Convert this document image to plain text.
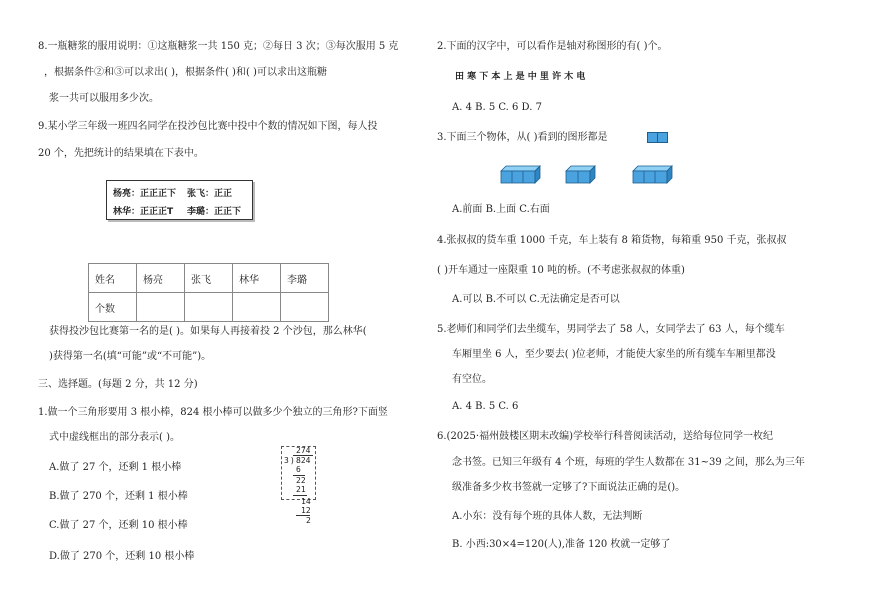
8.一瓶糖浆的服用说明：①这瓶糖浆一共 150 克；②每日 3 次；③每次服用 5 克
，根据条件②和③可以求出( )，根据条件( )和( )可以求出这瓶糖
浆一共可以服用多少次。
9.某小学三年级一班四名同学在投沙包比赛中投中个数的情况如下图，每人投
20 个，先把统计的结果填在下表中。
杨亮：正正正下 张飞：正正
林华：正正正T 李璐：正正下
姓名	杨亮	张飞	林华	李璐
个数				
获得投沙包比赛第一名的是( )。如果每人再接着投 2 个沙包，那么林华(
)获得第一名(填“可能”或“不可能”)。
三、选择题。(每题 2 分，共 12 分)
1.做一个三角形要用 3 根小棒，824 根小棒可以做多少个独立的三角形?下面竖
式中虚线框出的部分表示( )。
A.做了 27 个，还剩 1 根小棒
B.做了 270 个，还剩 1 根小棒
C.做了 27 个，还剩 10 根小棒
D.做了 270 个，还剩 10 根小棒
274
3 ) 824
6
22
21
14
12
2
2.下面的汉字中，可以看作是轴对称图形的有( )个。
田 寒 下 本 上 是 中 里 许 木 电
A. 4 B. 5 C. 6 D. 7
3.下面三个物体，从( )看到的图形都是
A.前面 B.上面 C.右面
4.张叔叔的货车重 1000 千克，车上装有 8 箱货物，每箱重 950 千克，张叔叔
( )开车通过一座限重 10 吨的桥。(不考虑张叔叔的体重)
A.可以 B.不可以 C.无法确定是否可以
5.老师们和同学们去坐缆车，男同学去了 58 人，女同学去了 63 人，每个缆车
车厢里坐 6 人，至少要去( )位老师，才能使大家坐的所有缆车车厢里都没
有空位。
A. 4 B. 5 C. 6
6.(2025·福州鼓楼区期末改编)学校举行科普阅读活动，送给每位同学一枚纪
念书签。已知三年级有 4 个班，每班的学生人数都在 31~39 之间，那么为三年
级准备多少枚书签就一定够了?下面说法正确的是()。
A.小东：没有每个班的具体人数，无法判断
B. 小西:30×4=120(人),准备 120 枚就一定够了
